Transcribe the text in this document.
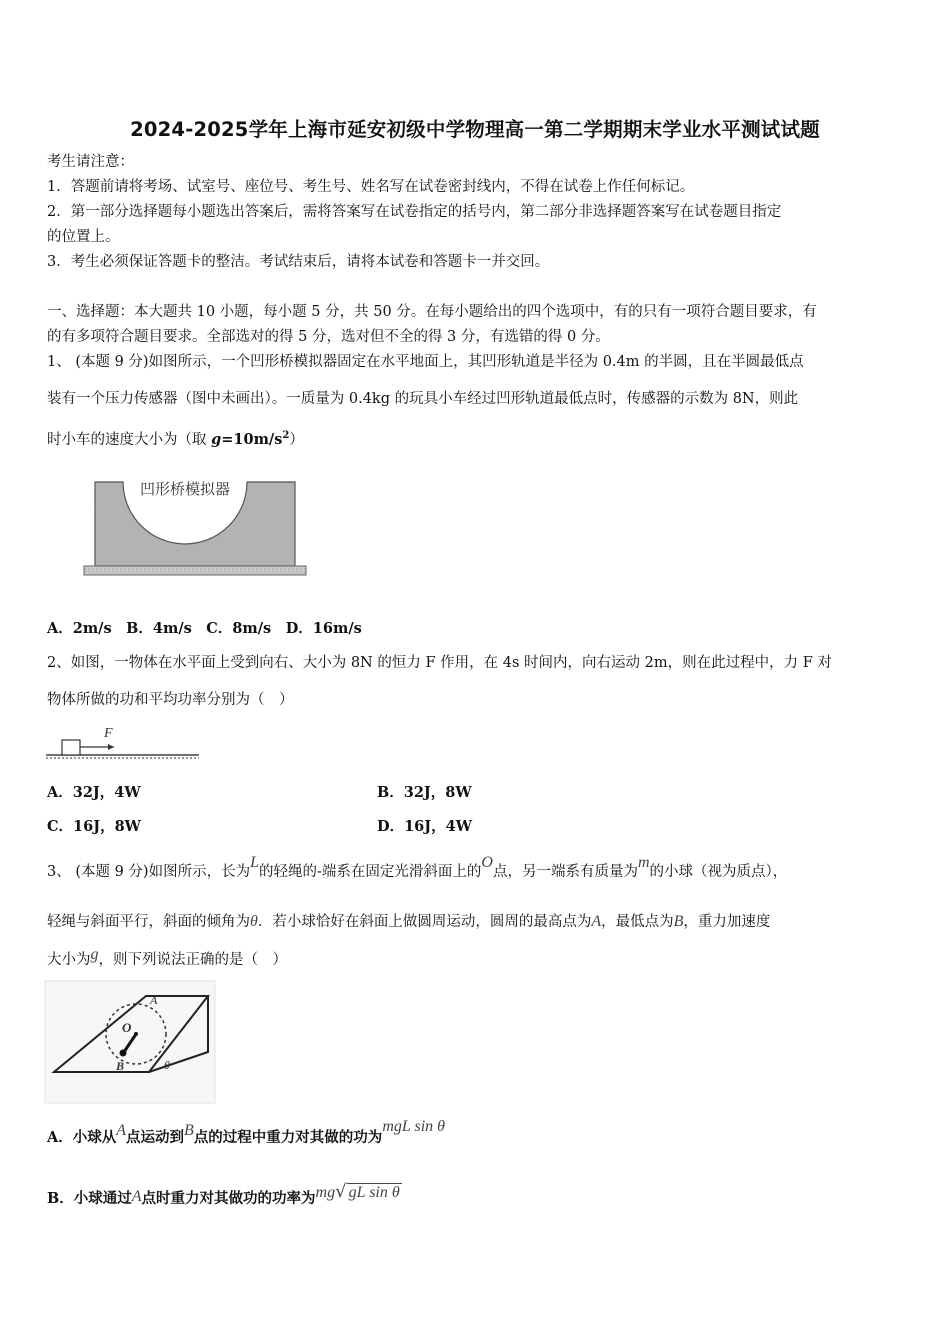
2024-2025学年上海市延安初级中学物理高一第二学期期末学业水平测试试题
考生请注意：
1．答题前请将考场、试室号、座位号、考生号、姓名写在试卷密封线内，不得在试卷上作任何标记。
2．第一部分选择题每小题选出答案后，需将答案写在试卷指定的括号内，第二部分非选择题答案写在试卷题目指定
的位置上。
3．考生必须保证答题卡的整洁。考试结束后，请将本试卷和答题卡一并交回。
一、选择题：本大题共 10 小题，每小题 5 分，共 50 分。在每小题给出的四个选项中，有的只有一项符合题目要求，有
的有多项符合题目要求。全部选对的得 5 分，选对但不全的得 3 分，有选错的得 0 分。
1、 (本题 9 分)如图所示，一个凹形桥模拟器固定在水平地面上，其凹形轨道是半径为 0.4m 的半圆，且在半圆最低点
装有一个压力传感器（图中未画出）。一质量为 0.4kg 的玩具小车经过凹形轨道最低点时，传感器的示数为 8N，则此
时小车的速度大小为（取 $g=10m/s^2$）
凹形桥模拟器
A．2m/s　B．4m/s　C．8m/s　D．16m/s
2、如图，一物体在水平面上受到向右、大小为 8N 的恒力 F 作用，在 4s 时间内，向右运动 2m，则在此过程中，力 F 对
物体所做的功和平均功率分别为（　）
F
A．32J，4W	B．32J，8W
C．16J，8W	D．16J，4W
3、 (本题 9 分)如图所示，长为L的轻绳的-端系在固定光滑斜面上的O点，另一端系有质量为m的小球（视为质点），
轻绳与斜面平行，斜面的倾角为θ．若小球恰好在斜面上做圆周运动，圆周的最高点为A，最低点为B，重力加速度
大小为g，则下列说法正确的是（　）
A
O
B	θ
A．小球从A点运动到B点的过程中重力对其做的功为mgL sin θ
B．小球通过A点时重力对其做功的功率为mg√ gL sin θ
